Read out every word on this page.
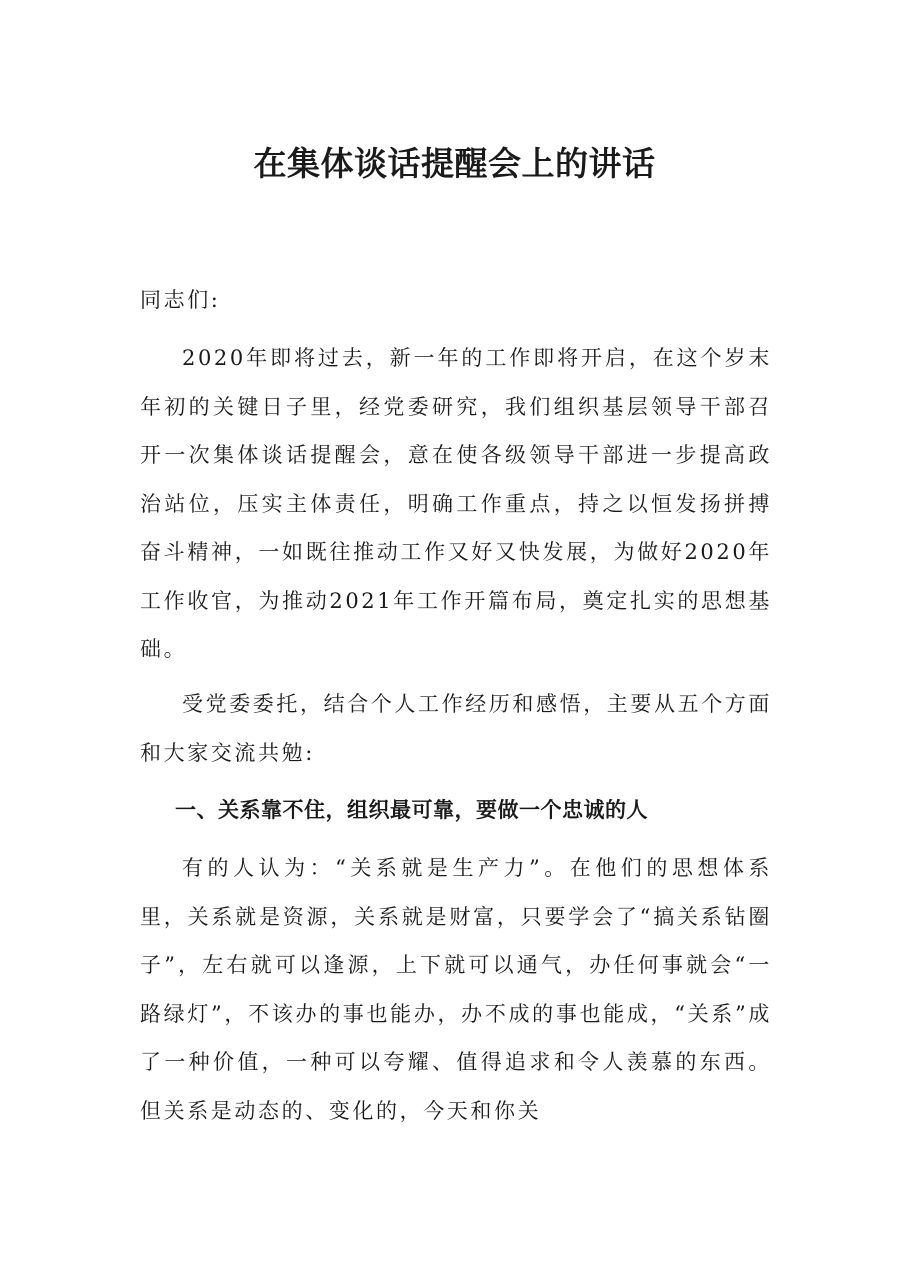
在集体谈话提醒会上的讲话

同志们:

2020年即将过去，新一年的工作即将开启，在这个岁末年初的关键日子里，经党委研究，我们组织基层领导干部召开一次集体谈话提醒会，意在使各级领导干部进一步提高政治站位，压实主体责任，明确工作重点，持之以恒发扬拼搏奋斗精神，一如既往推动工作又好又快发展，为做好2020年工作收官，为推动2021年工作开篇布局，奠定扎实的思想基础。

受党委委托，结合个人工作经历和感悟，主要从五个方面和大家交流共勉:

一、关系靠不住，组织最可靠，要做一个忠诚的人

有的人认为：“关系就是生产力”。在他们的思想体系里，关系就是资源，关系就是财富，只要学会了“搞关系钻圈子”，左右就可以逢源，上下就可以通气，办任何事就会“一路绿灯”，不该办的事也能办，办不成的事也能成，“关系”成了一种价值，一种可以夸耀、值得追求和令人羡慕的东西。但关系是动态的、变化的，今天和你关
